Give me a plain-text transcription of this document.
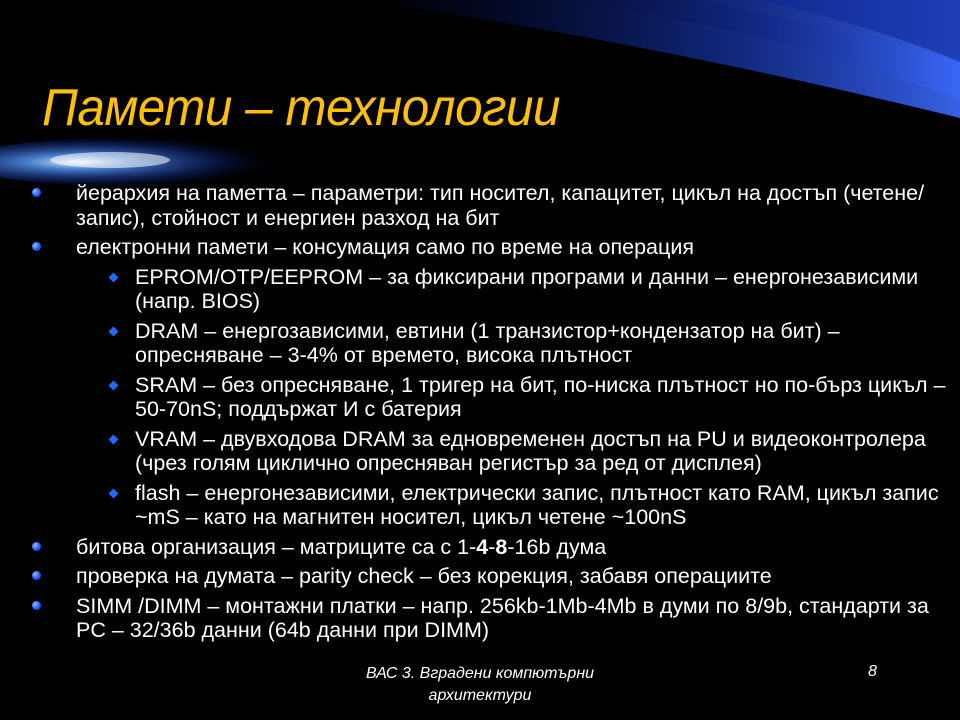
Памети – технологии
йерархия на паметта – параметри: тип носител, капацитет, цикъл на достъп (четене/запис), стойност и енергиен разход на бит
електронни памети – консумация само по време на операция
EPROM/OTP/EEPROM – за фиксирани програми и данни – енергонезависими (напр. BIOS)
DRAM – енергозависими, евтини (1 транзистор+кондензатор на бит) – опресняване – 3-4% от времето, висока плътност
SRAM – без опресняване, 1 тригер на бит, по-ниска плътност но по-бърз цикъл – 50-70nS; поддържат И с батерия
VRAM – двувходова DRAM за едновременен достъп на PU и видеоконтролера (чрез голям циклично опресняван регистър за ред от дисплея)
flash – енергонезависими, електрически запис, плътност като RAM, цикъл запис ~mS – като на магнитен носител, цикъл четене ~100nS
битова организация – матриците са с 1-4-8-16b дума
проверка на думата – parity check – без корекция, забавя операциите
SIMM /DIMM – монтажни платки – напр. 256kb-1Mb-4Mb в думи по 8/9b, стандарти за PC – 32/36b данни (64b данни при DIMM)
ВАС 3. Вградени компютърни архитектури
8
